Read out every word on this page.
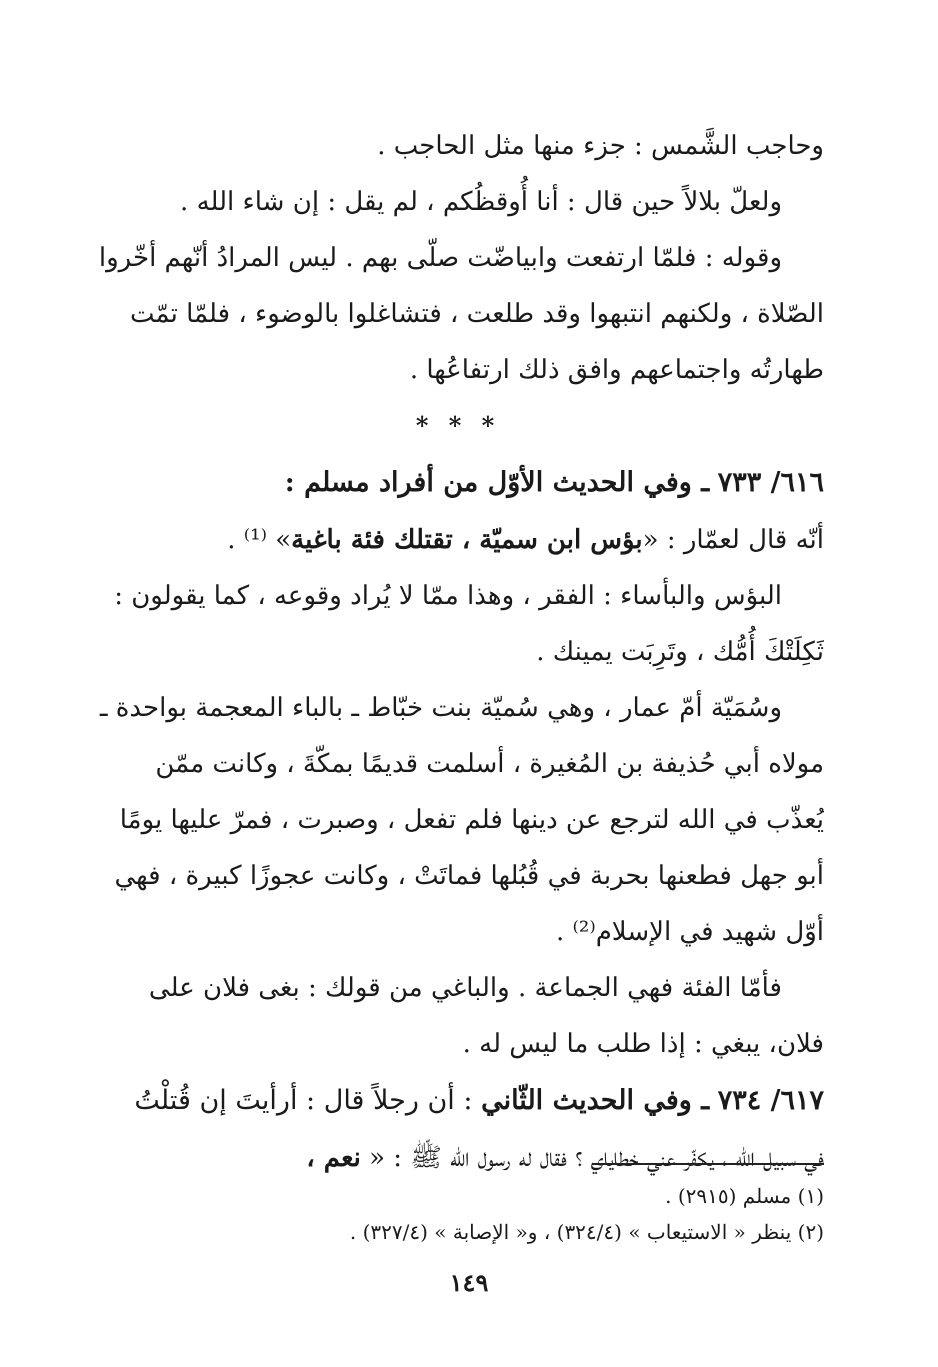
وحاجب الشَّمس : جزء منها مثل الحاجب .
ولعلّ بلالاً حين قال : أنا أُوقظُكم ، لم يقل : إن شاء الله .
وقوله : فلمّا ارتفعت وابياضّت صلّى بهم . ليس المرادُ أنّهم أخّروا
الصّلاة ، ولكنهم انتبهوا وقد طلعت ، فتشاغلوا بالوضوء ، فلمّا تمّت
طهارتُه واجتماعهم وافق ذلك ارتفاعُها .
* * *
٦١٦/ ٧٣٣ ـ وفي الحديث الأوّل من أفراد مسلم :
أنّه قال لعمّار : «بؤس ابن سميّة ، تقتلك فئة باغية» ⁽¹⁾ .
البؤس والبأساء : الفقر ، وهذا ممّا لا يُراد وقوعه ، كما يقولون :
ثَكِلَتْكَ أُمُّك ، وتَرِبَت يمينك .
وسُمَيّة أمّ عمار ، وهي سُميّة بنت خبّاط ـ بالباء المعجمة بواحدة ـ
مولاه أبي حُذيفة بن المُغيرة ، أسلمت قديمًا بمكّةَ ، وكانت ممّن
يُعذّب في الله لترجع عن دينها فلم تفعل ، وصبرت ، فمرّ عليها يومًا
أبو جهل فطعنها بحربة في قُبُلها فماتَتْ ، وكانت عجوزًا كبيرة ، فهي
أوّل شهيد في الإسلام⁽²⁾ .
فأمّا الفئة فهي الجماعة . والباغي من قولك : بغى فلان على
فلان، يبغي : إذا طلب ما ليس له .
٦١٧/ ٧٣٤ ـ وفي الحديث الثّاني : أن رجلاً قال : أرأيتَ إن قُتلْتُ
في سبيل الله ، يكفّر عني خطاياي ؟ فقال له رسول الله ﷺ : « نعم ،
(١) مسلم (٢٩١٥) .
(٢) ينظر « الاستيعاب » (٣٢٤/٤) ، و« الإصابة » (٣٢٧/٤) .
١٤٩
